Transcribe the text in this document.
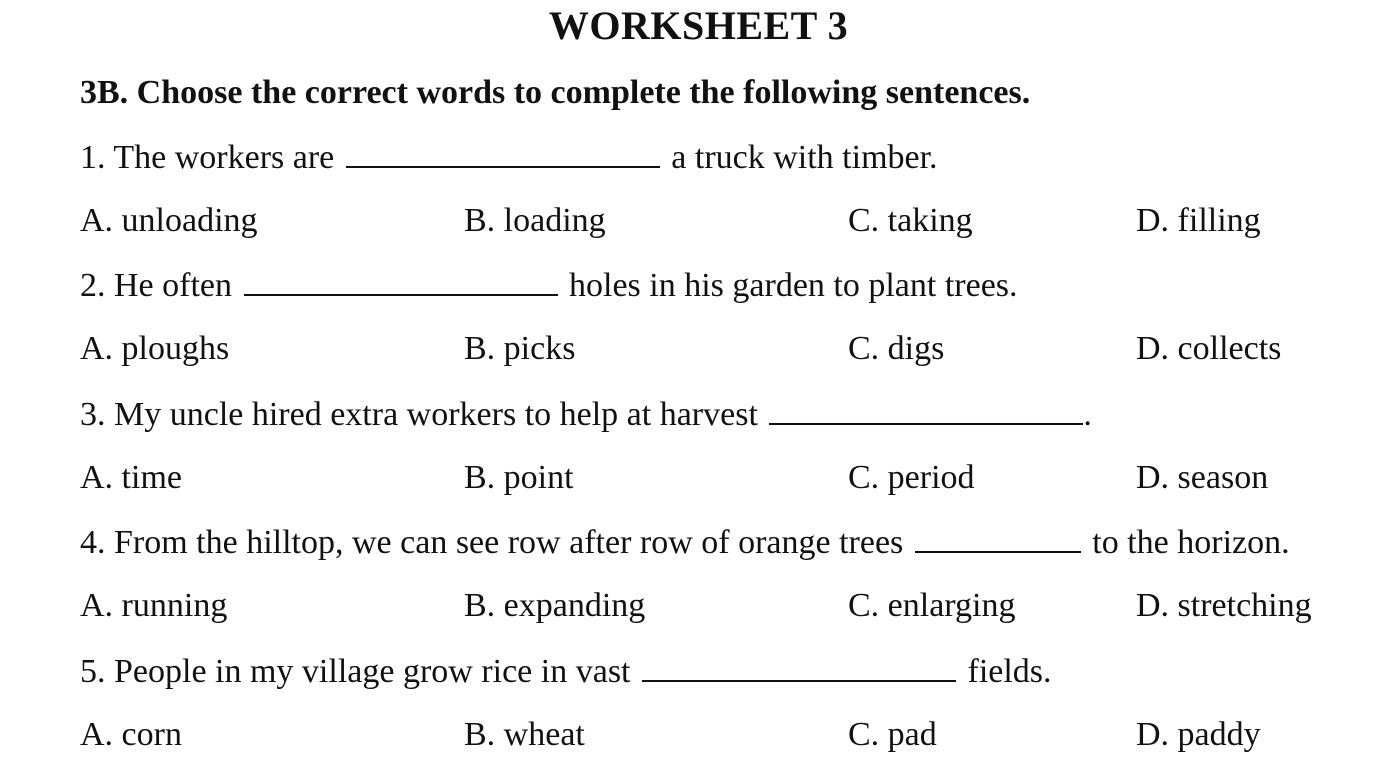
WORKSHEET 3
3B. Choose the correct words to complete the following sentences.
1. The workers are	a truck with timber.
A. unloading	B. loading	C. taking	D. filling
2. He often	holes in his garden to plant trees.
A. ploughs	B. picks	C. digs	D. collects
3. My uncle hired extra workers to help at harvest	.
A. time	B. point	C. period	D. season
4. From the hilltop, we can see row after row of orange trees	to the horizon.
A. running	B. expanding	C. enlarging	D. stretching
5. People in my village grow rice in vast	fields.
A. corn	B. wheat	C. pad	D. paddy
